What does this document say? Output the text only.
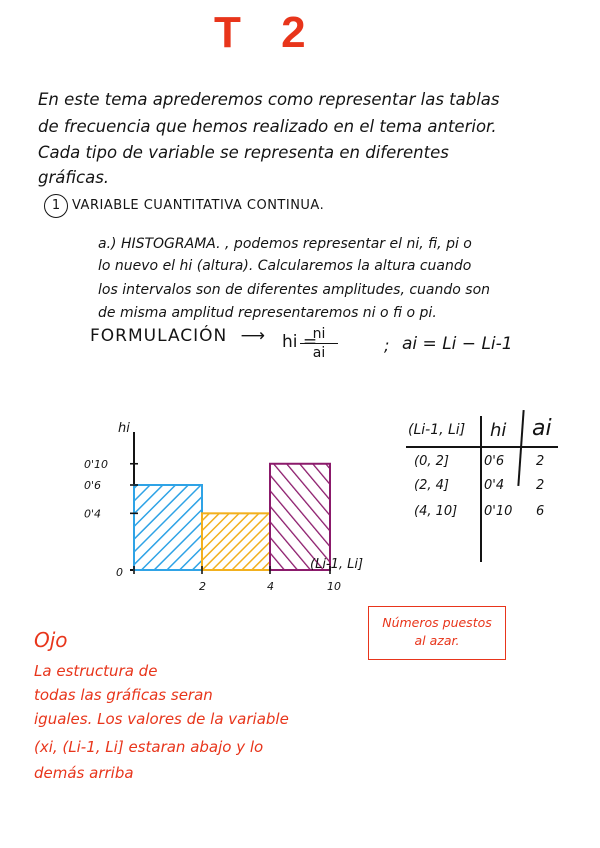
T 2
En este tema aprederemos como representar las tablas
de frecuencia que hemos realizado en el tema anterior.
Cada tipo de variable se representa en diferentes
gráficas.
1 VARIABLE CUANTITATIVA CONTINUA.
a.) HISTOGRAMA. , podemos representar el ni, fi, pi o
lo nuevo el hi (altura). Calcularemos la altura cuando
los intervalos son de diferentes amplitudes, cuando son
de misma amplitud representaremos ni o fi o pi.
FORMULACIÓN ⟶ hi =
ni
ai	; ai = Li − Li-1
0
2	4	10
0'4
0'6
0'10
hi
(Li-1, Li]
(Li-1, Li] hi ai
(0, 2]	0'6 2
(2, 4]	0'4 2
(4, 10] 0'10 6
Números puestos
al azar.
Ojo
La estructura de
todas las gráficas seran
iguales. Los valores de la variable
(xi, (Li-1, Li] estaran abajo y lo
demás arriba
